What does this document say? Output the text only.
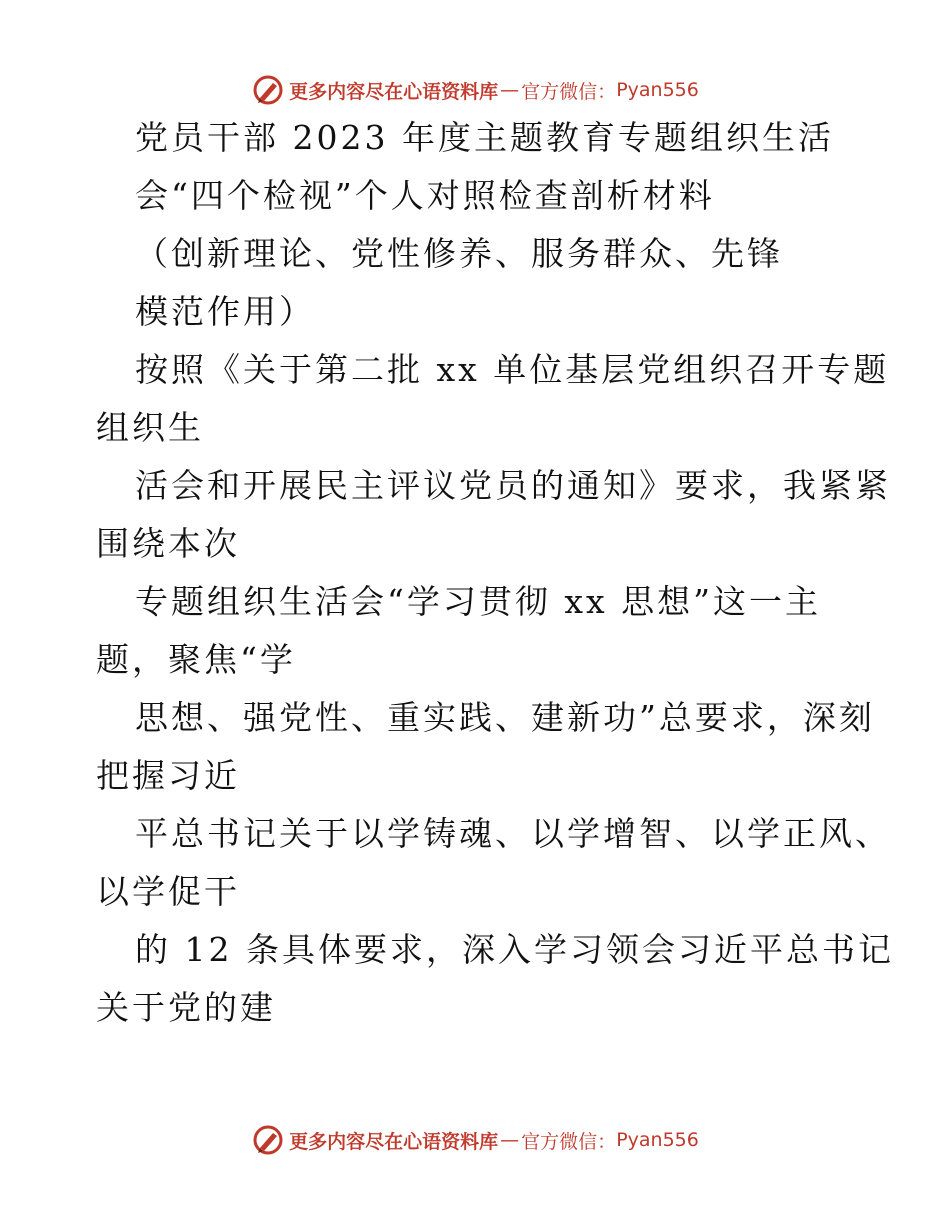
更多内容尽在心语资料库 — 官方微信： Pyan556
党员干部 2023 年度主题教育专题组织生活
会“四个检视”个人对照检查剖析材料
（创新理论、党性修养、服务群众、先锋
模范作用）
按照《关于第二批 xx 单位基层党组织召开专题
组织生
活会和开展民主评议党员的通知》要求，我紧紧
围绕本次
专题组织生活会“学习贯彻 xx 思想”这一主
题，聚焦“学
思想、强党性、重实践、建新功”总要求，深刻
把握习近
平总书记关于以学铸魂、以学增智、以学正风、
以学促干
的 12 条具体要求，深入学习领会习近平总书记
关于党的建
更多内容尽在心语资料库 — 官方微信： Pyan556
